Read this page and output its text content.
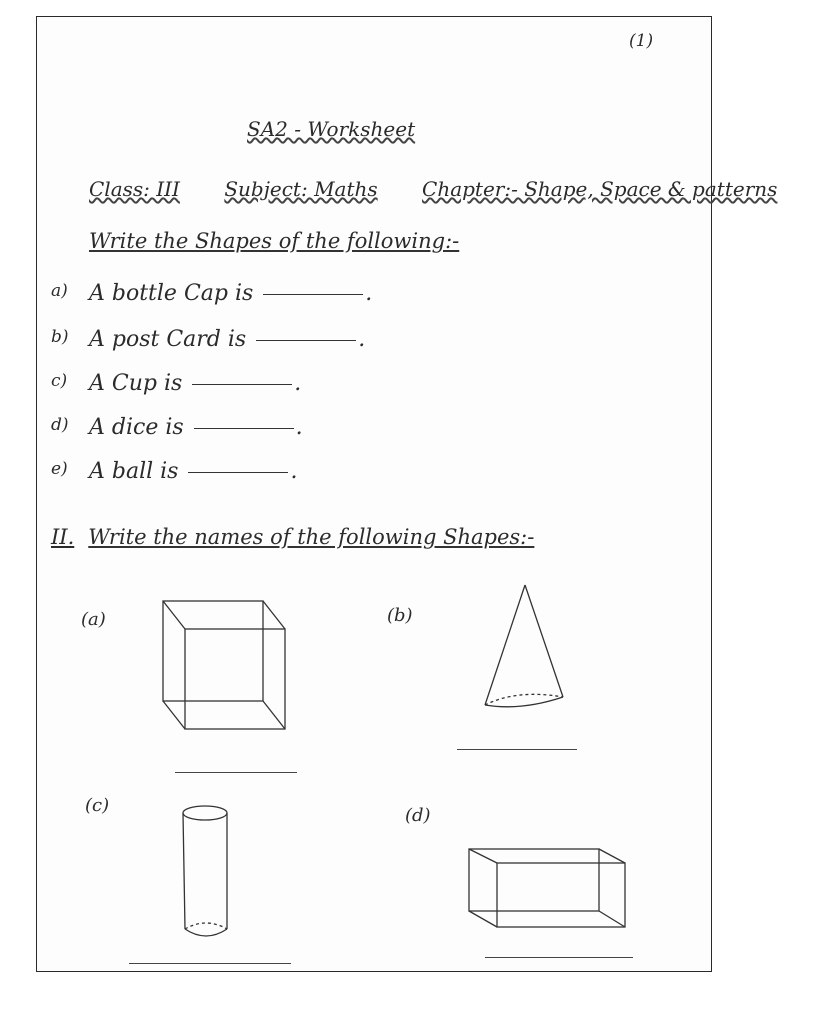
(1)
SA2 - Worksheet
Class: III Subject: Maths Chapter:- Shape, Space & patterns
Write the Shapes of the following:-
a) A bottle Cap is	.
b) A post Card is	.
c) A Cup is	.
d) A dice is	.
e) A ball is	.
II. Write the names of the following Shapes:-
(a)	(b)
(c)	(d)
